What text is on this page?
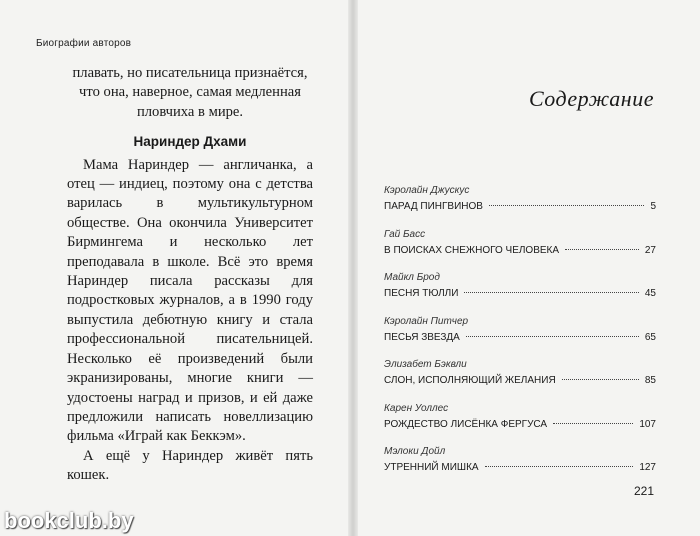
Биографии авторов

плавать, но писательница признаётся,

что она, наверное, самая медленная

пловчиха в мире.

Нариндер Дхами

Мама Нариндер — англичанка, а отец — индиец, поэтому она с детства варилась в мультикультурном обществе. Она окончила Университет Бирмингема и несколько лет преподавала в школе. Всё это время Нариндер писала рассказы для подростковых журналов, а в 1990 году выпустила дебютную книгу и стала профессиональной писательницей. Несколько её произведений были экранизированы, многие книги — удостоены наград и призов, и ей даже предложили написать новеллизацию фильма «Играй как Беккэм».

А ещё у Нариндер живёт пять кошек.

Содержание
Кэролайн Джускус
ПАРАД ПИНГВИНОВ	5
Гай Басс
В ПОИСКАХ СНЕЖНОГО ЧЕЛОВЕКА	27
Майкл Брод
ПЕСНЯ ТЮЛЛИ	45
Кэролайн Питчер
ПЕСЬЯ ЗВЕЗДА	65
Элизабет Бэквли
СЛОН, ИСПОЛНЯЮЩИЙ ЖЕЛАНИЯ	85
Карен Уоллес
РОЖДЕСТВО ЛИСЁНКА ФЕРГУСА	107
Мэлоки Дойл
УТРЕННИЙ МИШКА	127
221
bookclub.by
